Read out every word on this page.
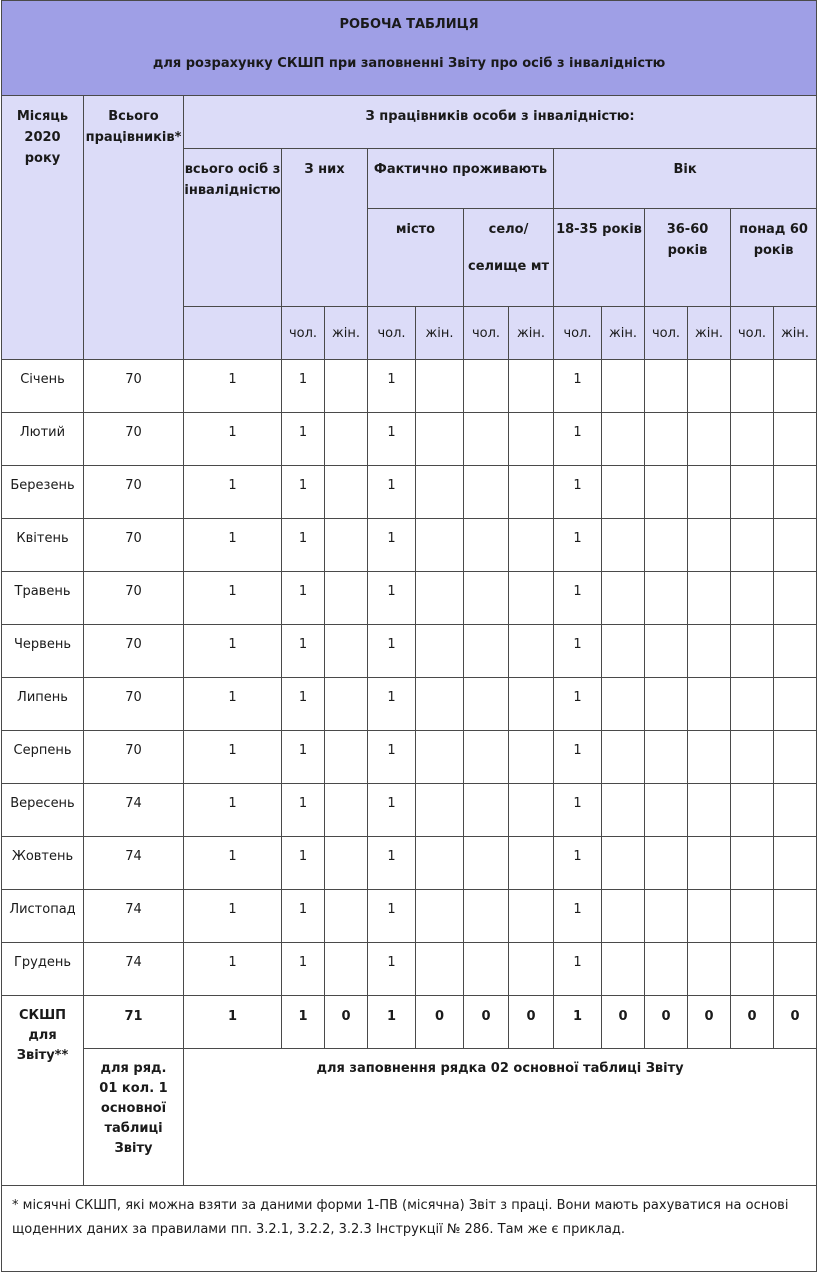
РОБОЧА ТАБЛИЦЯ
для розрахунку СКШП при заповненні Звіту про осіб з інвалідністю														

Місяць 2020 року	Всього працівників*	З працівників особи з інвалідністю:												
		всього осіб з інвалідністю	З них		Фактично проживають				Вік					
					місто		село/ селище мт		18-35 років		36-60 років		понад 60 років	
			чол.	жін.	чол.	жін.	чол.	жін.	чол.	жін.	чол.	жін.	чол.	жін.
Січень	70	1	1		1				1					
Лютий	70	1	1		1				1					
Березень	70	1	1		1				1					
Квітень	70	1	1		1				1					
Травень	70	1	1		1				1					
Червень	70	1	1		1				1					
Липень	70	1	1		1				1					
Серпень	70	1	1		1				1					
Вересень	74	1	1		1				1					
Жовтень	74	1	1		1				1					
Листопад	74	1	1		1				1					
Грудень	74	1	1		1				1					
СКШП для Звіту**	71	1	1	0	1	0	0	0	1	0	0	0	0	0
	для ряд. 01 кол. 1 основної таблиці Звіту	для заповнення рядка 02 основної таблиці Звіту												
* місячні СКШП, які можна взяти за даними форми 1-ПВ (місячна) Звіт з праці. Вони мають рахуватися на основі щоденних даних за правилами пп. 3.2.1, 3.2.2, 3.2.3 Інструкції № 286. Там же є приклад.														
